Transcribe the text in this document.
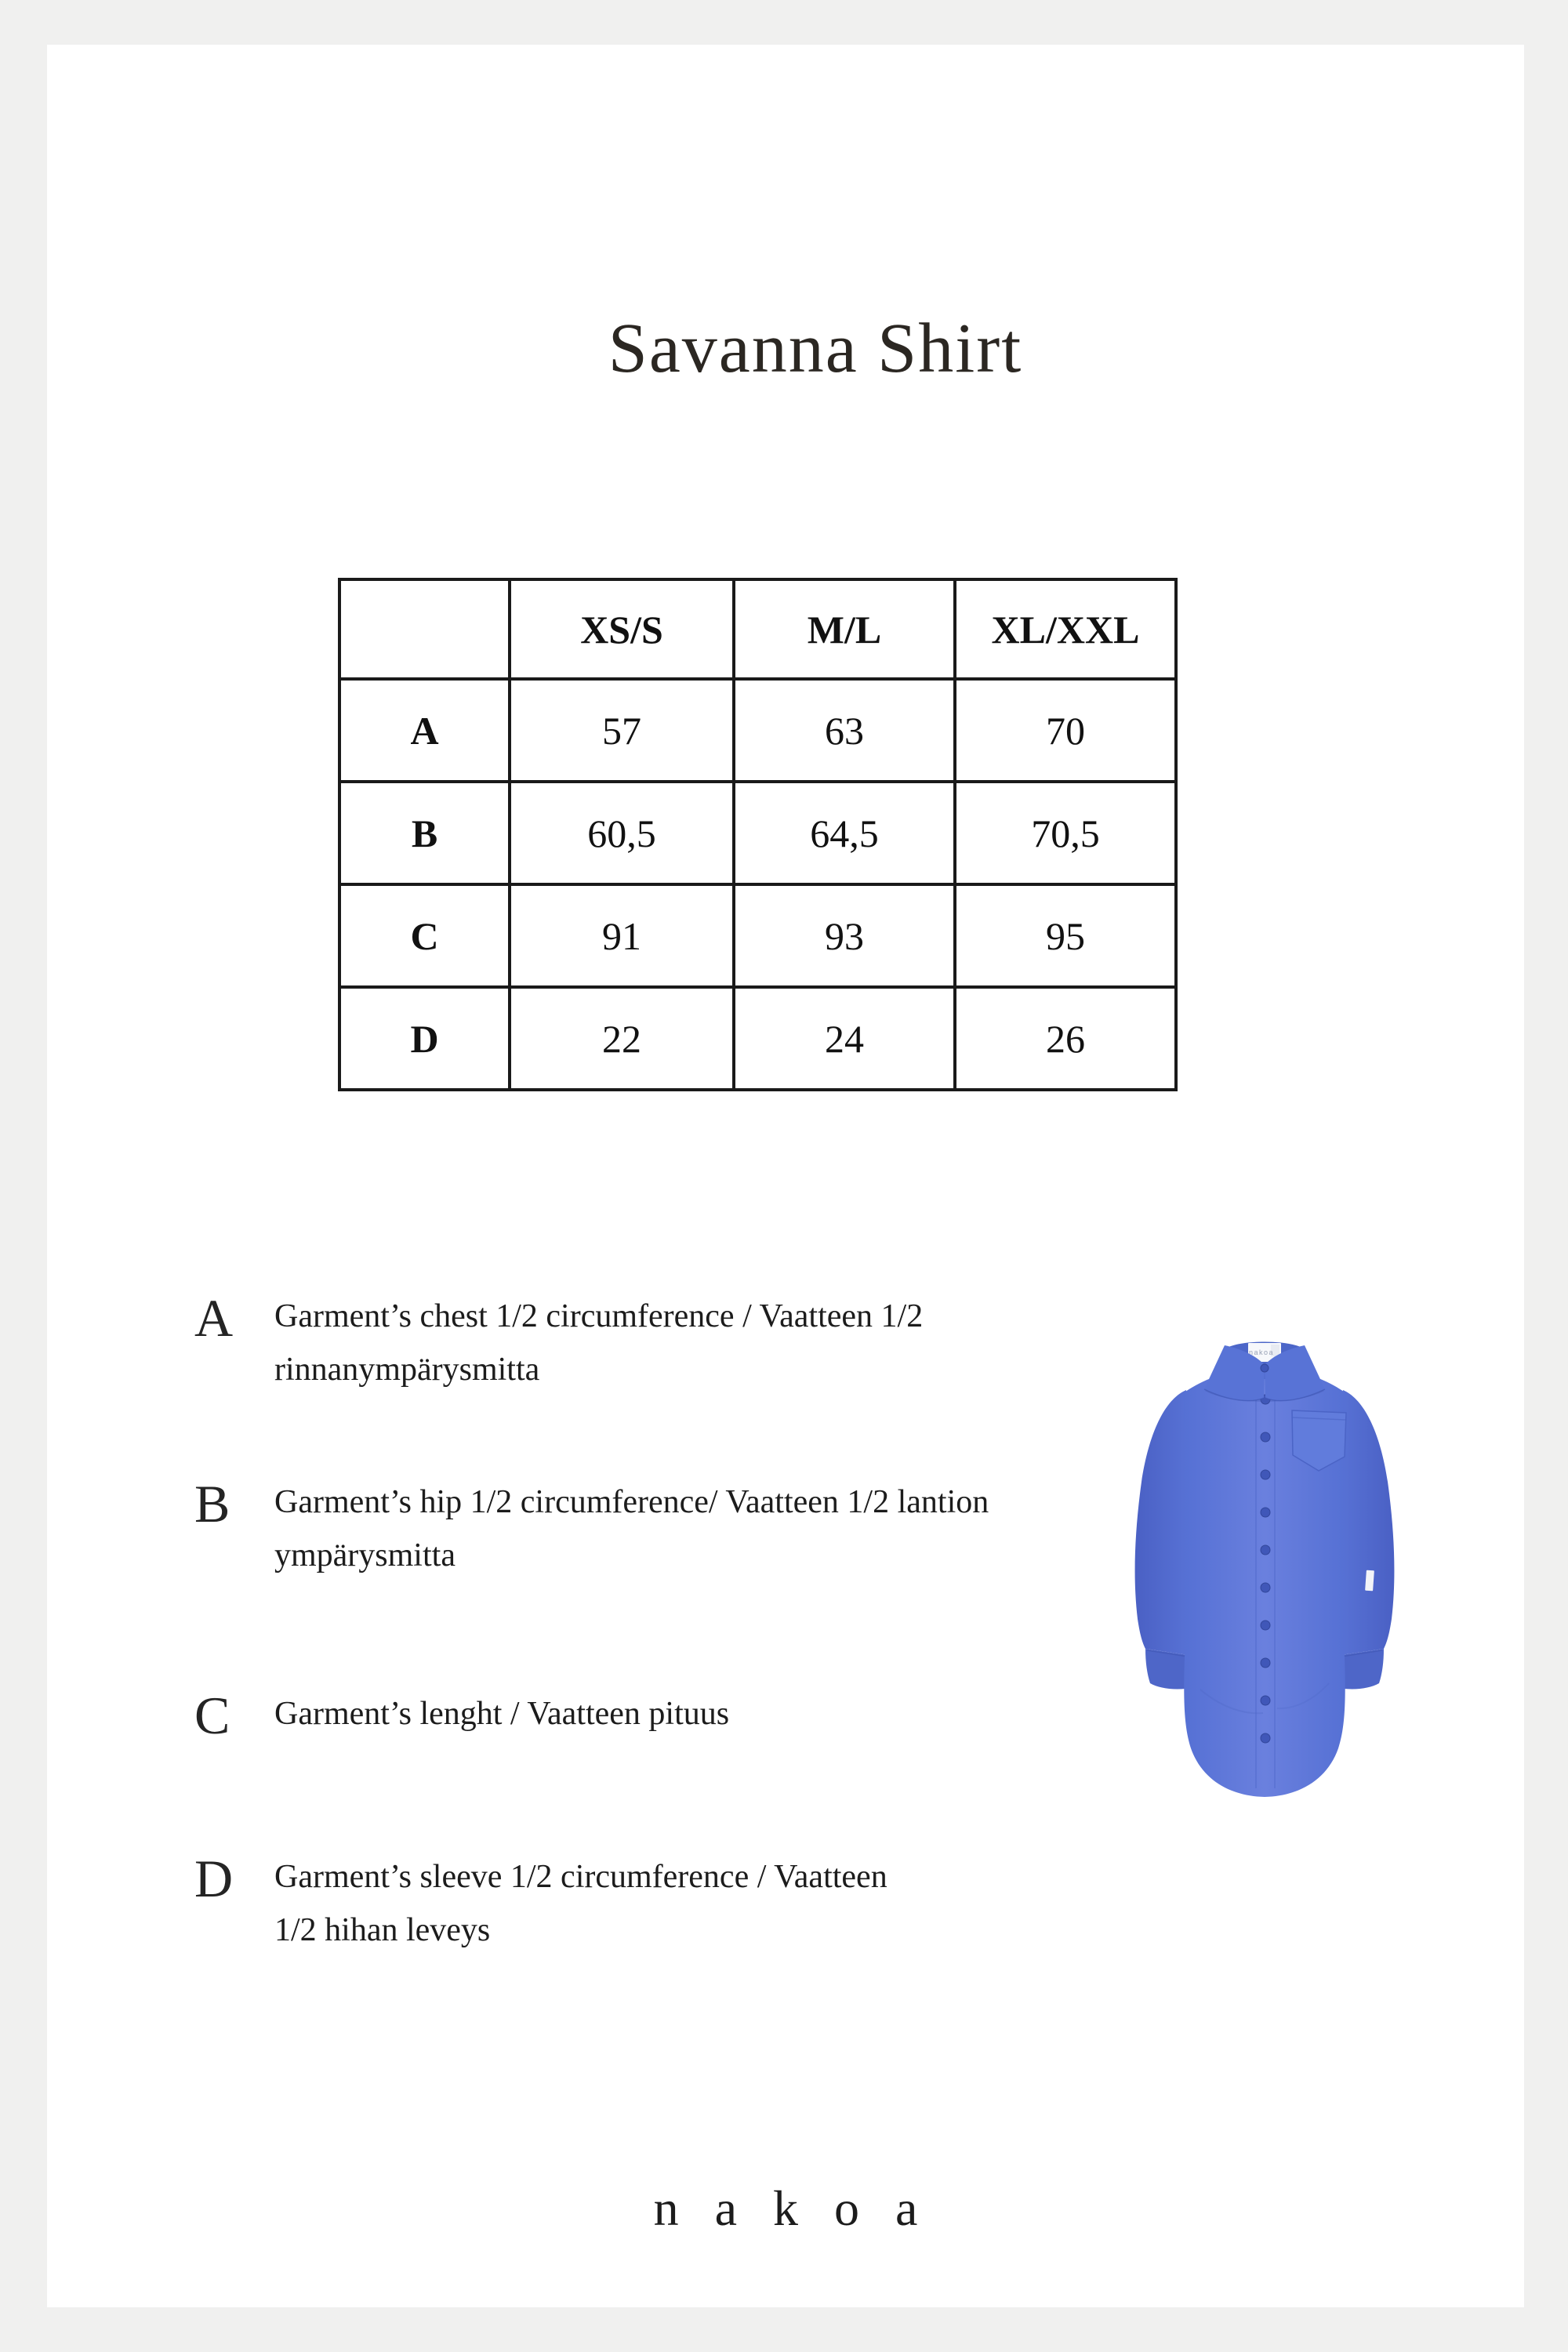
Savanna Shirt
	XS/S	M/L	XL/XXL
A	57	63	70
B	60,5	64,5	70,5
C	91	93	95
D	22	24	26
A Garment’s chest 1/2 circumference / Vaatteen 1/2
rinnanympärysmitta
B Garment’s hip 1/2 circumference/ Vaatteen 1/2 lantion
ympärysmitta
C Garment’s lenght / Vaatteen pituus
D Garment’s sleeve 1/2 circumference / Vaatteen
1/2 hihan leveys
nakoa
nakoa
